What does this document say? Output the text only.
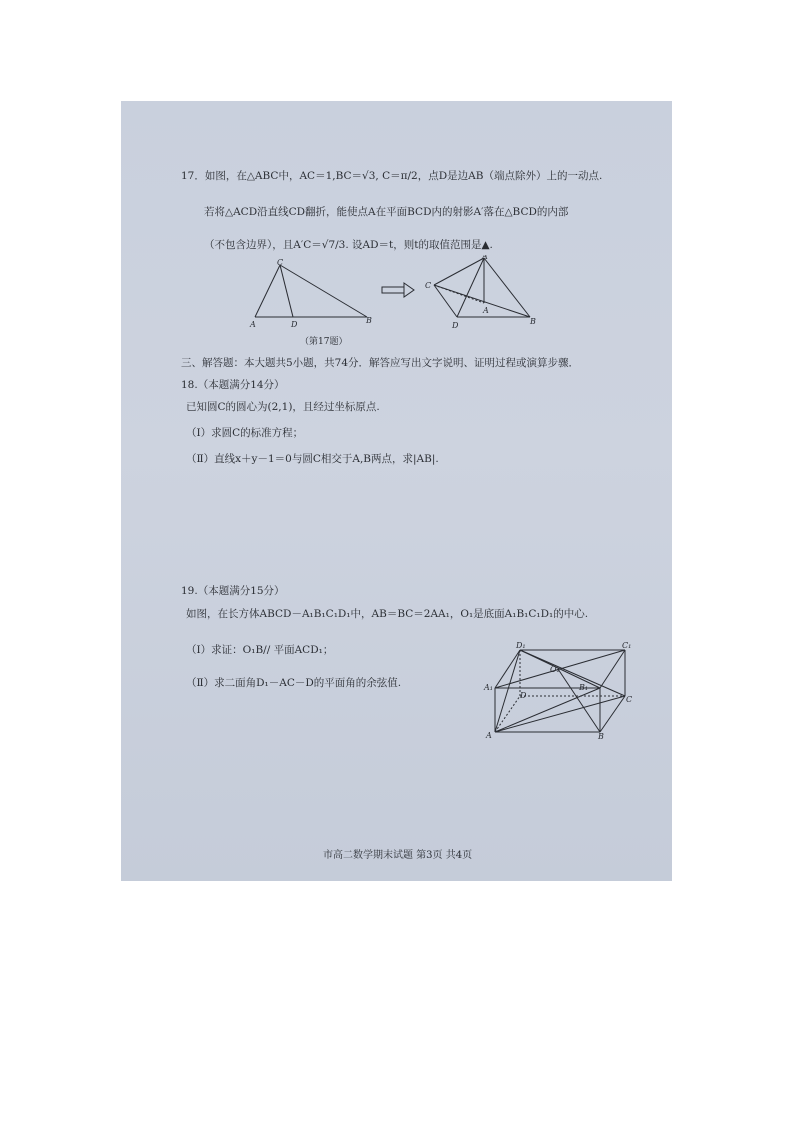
17．如图，在△ABC中，AC＝1,BC＝√3, C＝π/2，点D是边AB（端点除外）上的一动点.
若将△ACD沿直线CD翻折，能使点A在平面BCD内的射影A′落在△BCD的内部
（不包含边界），且A′C＝√7/3. 设AD＝t，则t的取值范围是▲.
C
A	D	B
A
C
A
D	B
（第17题）
三、解答题：本大题共5小题，共74分．解答应写出文字说明、证明过程或演算步骤．
18.（本题满分14分）
已知圆C的圆心为(2,1)，且经过坐标原点.
（Ⅰ）求圆C的标准方程；
（Ⅱ）直线x＋y－1＝0与圆C相交于A,B两点，求|AB|.
19.（本题满分15分）
如图，在长方体ABCD－A₁B₁C₁D₁中，AB＝BC＝2AA₁，O₁是底面A₁B₁C₁D₁的中心.
（Ⅰ）求证：O₁B// 平面ACD₁；
（Ⅱ）求二面角D₁－AC－D的平面角的余弦值.
D₁	C₁
O₁
A₁	B₁
D	C
A	B
市高二数学期末试题 第3页 共4页
